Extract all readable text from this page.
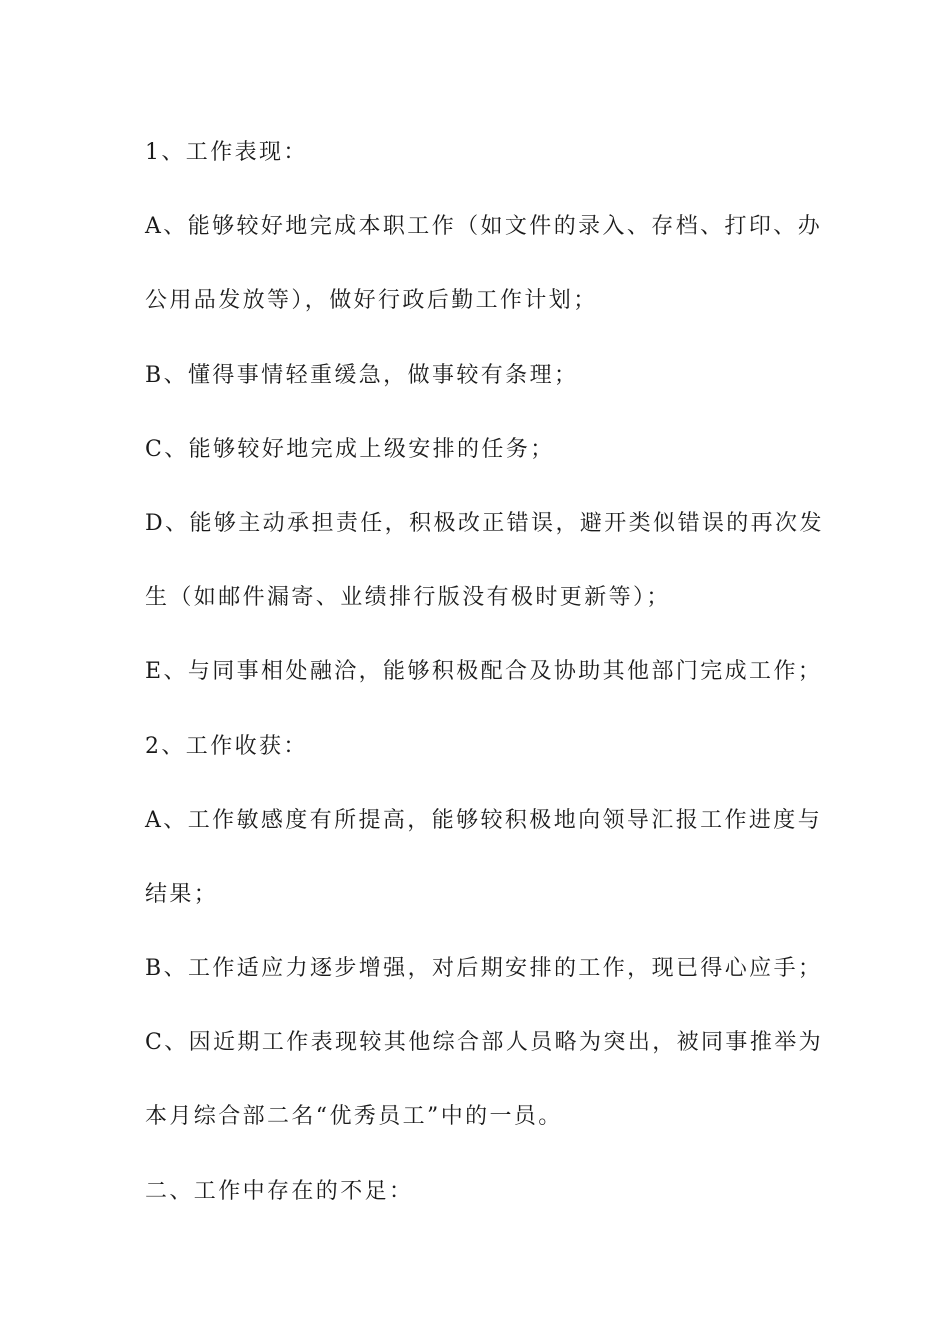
1、工作表现：
A、能够较好地完成本职工作（如文件的录入、存档、打印、办
公用品发放等），做好行政后勤工作计划；
B、懂得事情轻重缓急，做事较有条理；
C、能够较好地完成上级安排的任务；
D、能够主动承担责任，积极改正错误，避开类似错误的再次发
生（如邮件漏寄、业绩排行版没有极时更新等）；
E、与同事相处融洽，能够积极配合及协助其他部门完成工作；
2、工作收获：
A、工作敏感度有所提高，能够较积极地向领导汇报工作进度与
结果；
B、工作适应力逐步增强，对后期安排的工作，现已得心应手；
C、因近期工作表现较其他综合部人员略为突出，被同事推举为
本月综合部二名“优秀员工”中的一员。
二、工作中存在的不足：
